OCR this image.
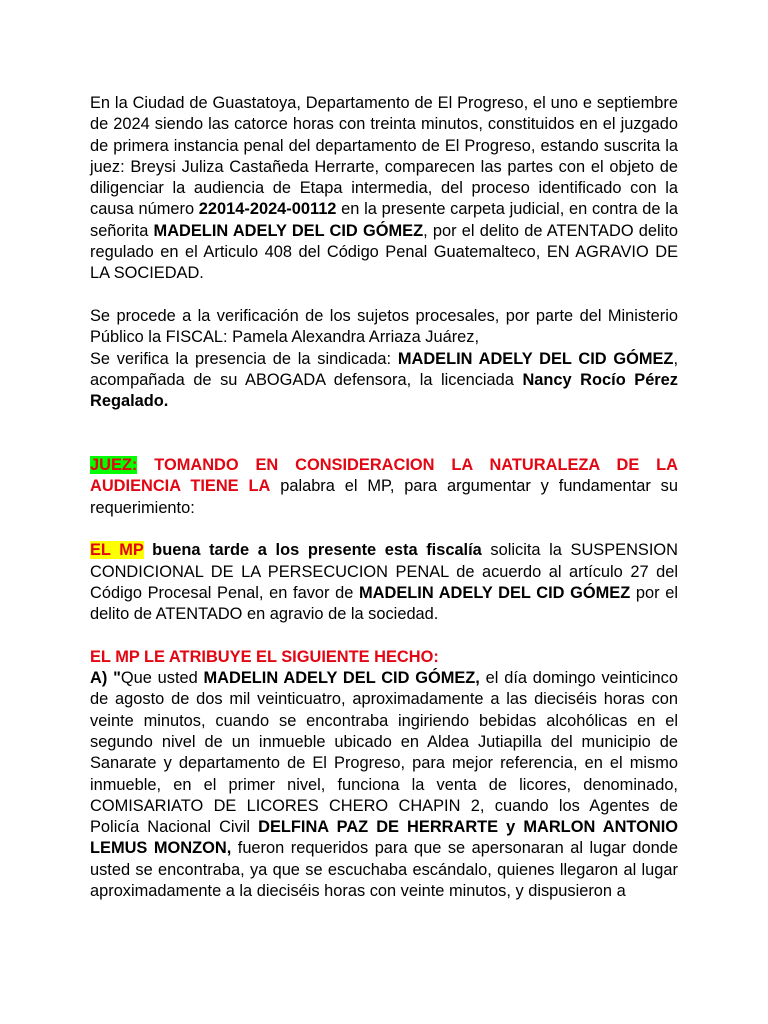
En la Ciudad de Guastatoya, Departamento de El Progreso, el uno e septiembre de 2024 siendo las catorce horas con treinta minutos, constituidos en el juzgado de primera instancia penal del departamento de El Progreso, estando suscrita la juez: Breysi Juliza Castañeda Herrarte, comparecen las partes con el objeto de diligenciar la audiencia de Etapa intermedia, del proceso identificado con la causa número 22014-2024-00112 en la presente carpeta judicial, en contra de la señorita MADELIN ADELY DEL CID GÓMEZ, por el delito de ATENTADO delito regulado en el Articulo 408 del Código Penal Guatemalteco, EN AGRAVIO DE LA SOCIEDAD.

Se procede a la verificación de los sujetos procesales, por parte del Ministerio Público la FISCAL: Pamela Alexandra Arriaza Juárez,

Se verifica la presencia de la sindicada: MADELIN ADELY DEL CID GÓMEZ, acompañada de su ABOGADA defensora, la licenciada Nancy Rocío Pérez Regalado.

JUEZ: TOMANDO EN CONSIDERACION LA NATURALEZA DE LA AUDIENCIA TIENE LA palabra el MP, para argumentar y fundamentar su requerimiento:

EL MP buena tarde a los presente esta fiscalía solicita la SUSPENSION CONDICIONAL DE LA PERSECUCION PENAL de acuerdo al artículo 27 del Código Procesal Penal, en favor de MADELIN ADELY DEL CID GÓMEZ por el delito de ATENTADO en agravio de la sociedad.

EL MP LE ATRIBUYE EL SIGUIENTE HECHO:

A) "Que usted MADELIN ADELY DEL CID GÓMEZ, el día domingo veinticinco de agosto de dos mil veinticuatro, aproximadamente a las dieciséis horas con veinte minutos, cuando se encontraba ingiriendo bebidas alcohólicas en el segundo nivel de un inmueble ubicado en Aldea Jutiapilla del municipio de Sanarate y departamento de El Progreso, para mejor referencia, en el mismo inmueble, en el primer nivel, funciona la venta de licores, denominado, COMISARIATO DE LICORES CHERO CHAPIN 2, cuando los Agentes de Policía Nacional Civil DELFINA PAZ DE HERRARTE y MARLON ANTONIO LEMUS MONZON, fueron requeridos para que se apersonaran al lugar donde usted se encontraba, ya que se escuchaba escándalo, quienes llegaron al lugar aproximadamente a la dieciséis horas con veinte minutos, y dispusieron a
